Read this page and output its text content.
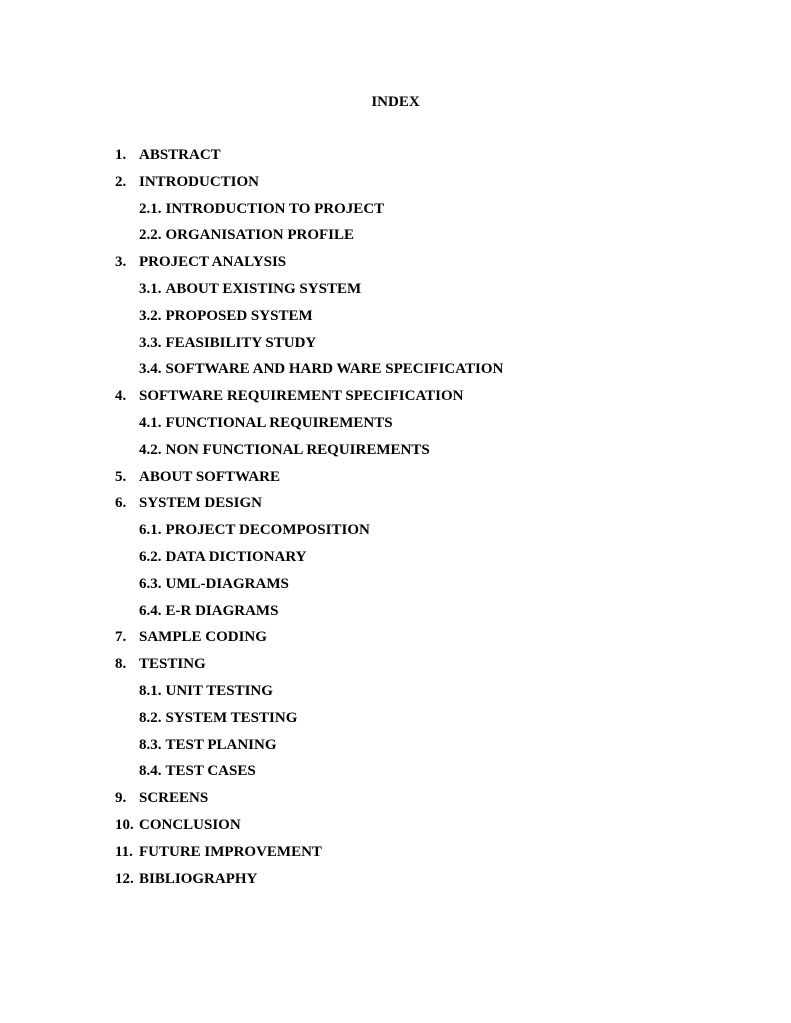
INDEX
1. ABSTRACT
2. INTRODUCTION
2.1. INTRODUCTION TO PROJECT
2.2. ORGANISATION PROFILE
3. PROJECT ANALYSIS
3.1. ABOUT EXISTING SYSTEM
3.2. PROPOSED SYSTEM
3.3. FEASIBILITY STUDY
3.4. SOFTWARE AND HARD WARE SPECIFICATION
4. SOFTWARE REQUIREMENT SPECIFICATION
4.1. FUNCTIONAL REQUIREMENTS
4.2. NON FUNCTIONAL REQUIREMENTS
5. ABOUT SOFTWARE
6. SYSTEM DESIGN
6.1. PROJECT DECOMPOSITION
6.2. DATA DICTIONARY
6.3. UML-DIAGRAMS
6.4. E-R DIAGRAMS
7. SAMPLE CODING
8. TESTING
8.1. UNIT TESTING
8.2. SYSTEM TESTING
8.3. TEST PLANING
8.4. TEST CASES
9. SCREENS
10. CONCLUSION
11. FUTURE IMPROVEMENT
12. BIBLIOGRAPHY
